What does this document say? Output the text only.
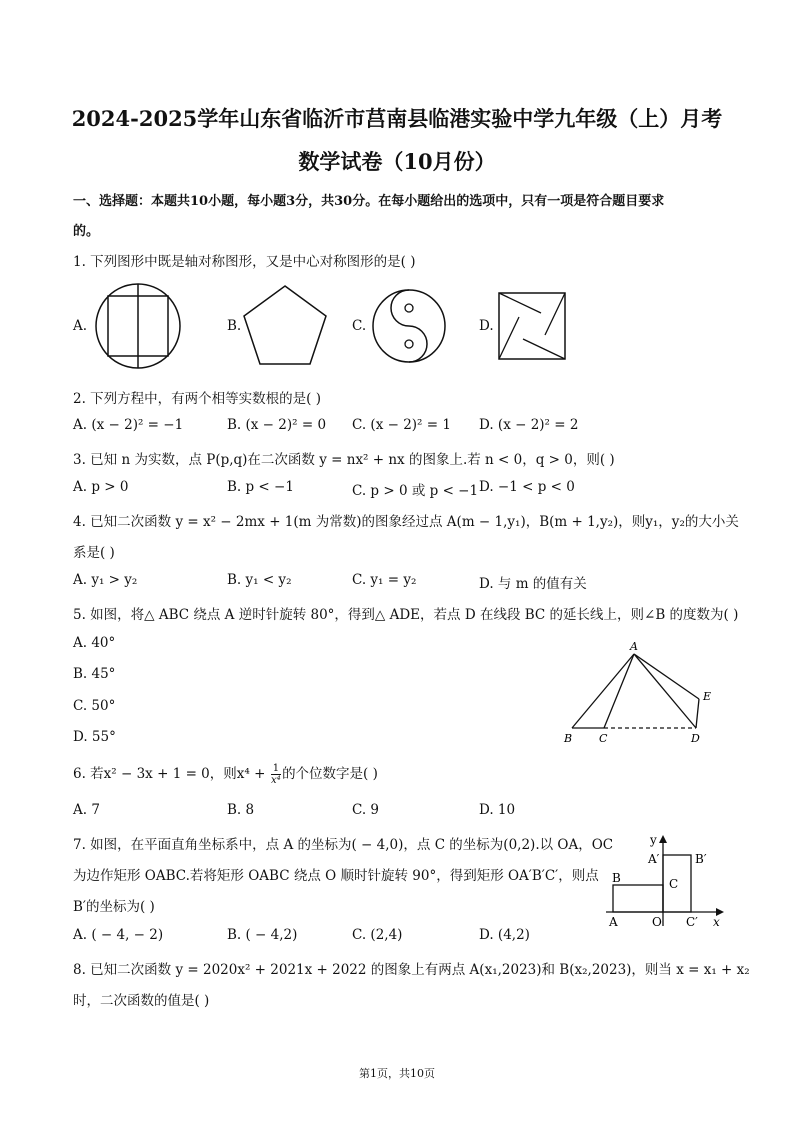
2024-2025学年山东省临沂市莒南县临港实验中学九年级（上）月考
数学试卷（10月份）
一、选择题：本题共10小题，每小题3分，共30分。在每小题给出的选项中，只有一项是符合题目要求
的。
1. 下列图形中既是轴对称图形，又是中心对称图形的是( )
A.	B.	C.	D.
2. 下列方程中，有两个相等实数根的是( )
A. (x − 2)² = −1	B. (x − 2)² = 0 C. (x − 2)² = 1 D. (x − 2)² = 2
3. 已知 n 为实数，点 P(p,q)在二次函数 y = nx² + nx 的图象上.若 n < 0，q > 0，则( )
A. p > 0	B. p < −1	C. p > 0 或 p < −1 D. −1 < p < 0
4. 已知二次函数 y = x² − 2mx + 1(m 为常数)的图象经过点 A(m − 1,y₁)，B(m + 1,y₂)，则y₁，y₂的大小关
系是( )
A. y₁ > y₂	B. y₁ < y₂	C. y₁ = y₂	D. 与 m 的值有关
5. 如图，将△ ABC 绕点 A 逆时针旋转 80°，得到△ ADE，若点 D 在线段 BC 的延长线上，则∠B 的度数为( )
A. 40°
B. 45°
C. 50°
D. 55°
A
B C	D
E
6. 若x² − 3x + 1 = 0，则$x^4 + \frac{1}{\text{x⁴}}$ 的个位数字是( )
A. 7	B. 8	C. 9	D. 10
7. 如图，在平面直角坐标系中，点 A 的坐标为( − 4,0)，点 C 的坐标为(0,2).以 OA，OC
为边作矩形 OABC.若将矩形 OABC 绕点 O 顺时针旋转 90°，得到矩形 OA′B′C′，则点
B′的坐标为( )
A. ( − 4, − 2)	B. ( − 4,2)	C. (2,4)	D. (4,2)
y
A′	B′
B	C
A	O C′ x
8. 已知二次函数 y = 2020x² + 2021x + 2022 的图象上有两点 A(x₁,2023)和 B(x₂,2023)，则当 x = x₁ + x₂
时，二次函数的值是( )
第1页，共10页
